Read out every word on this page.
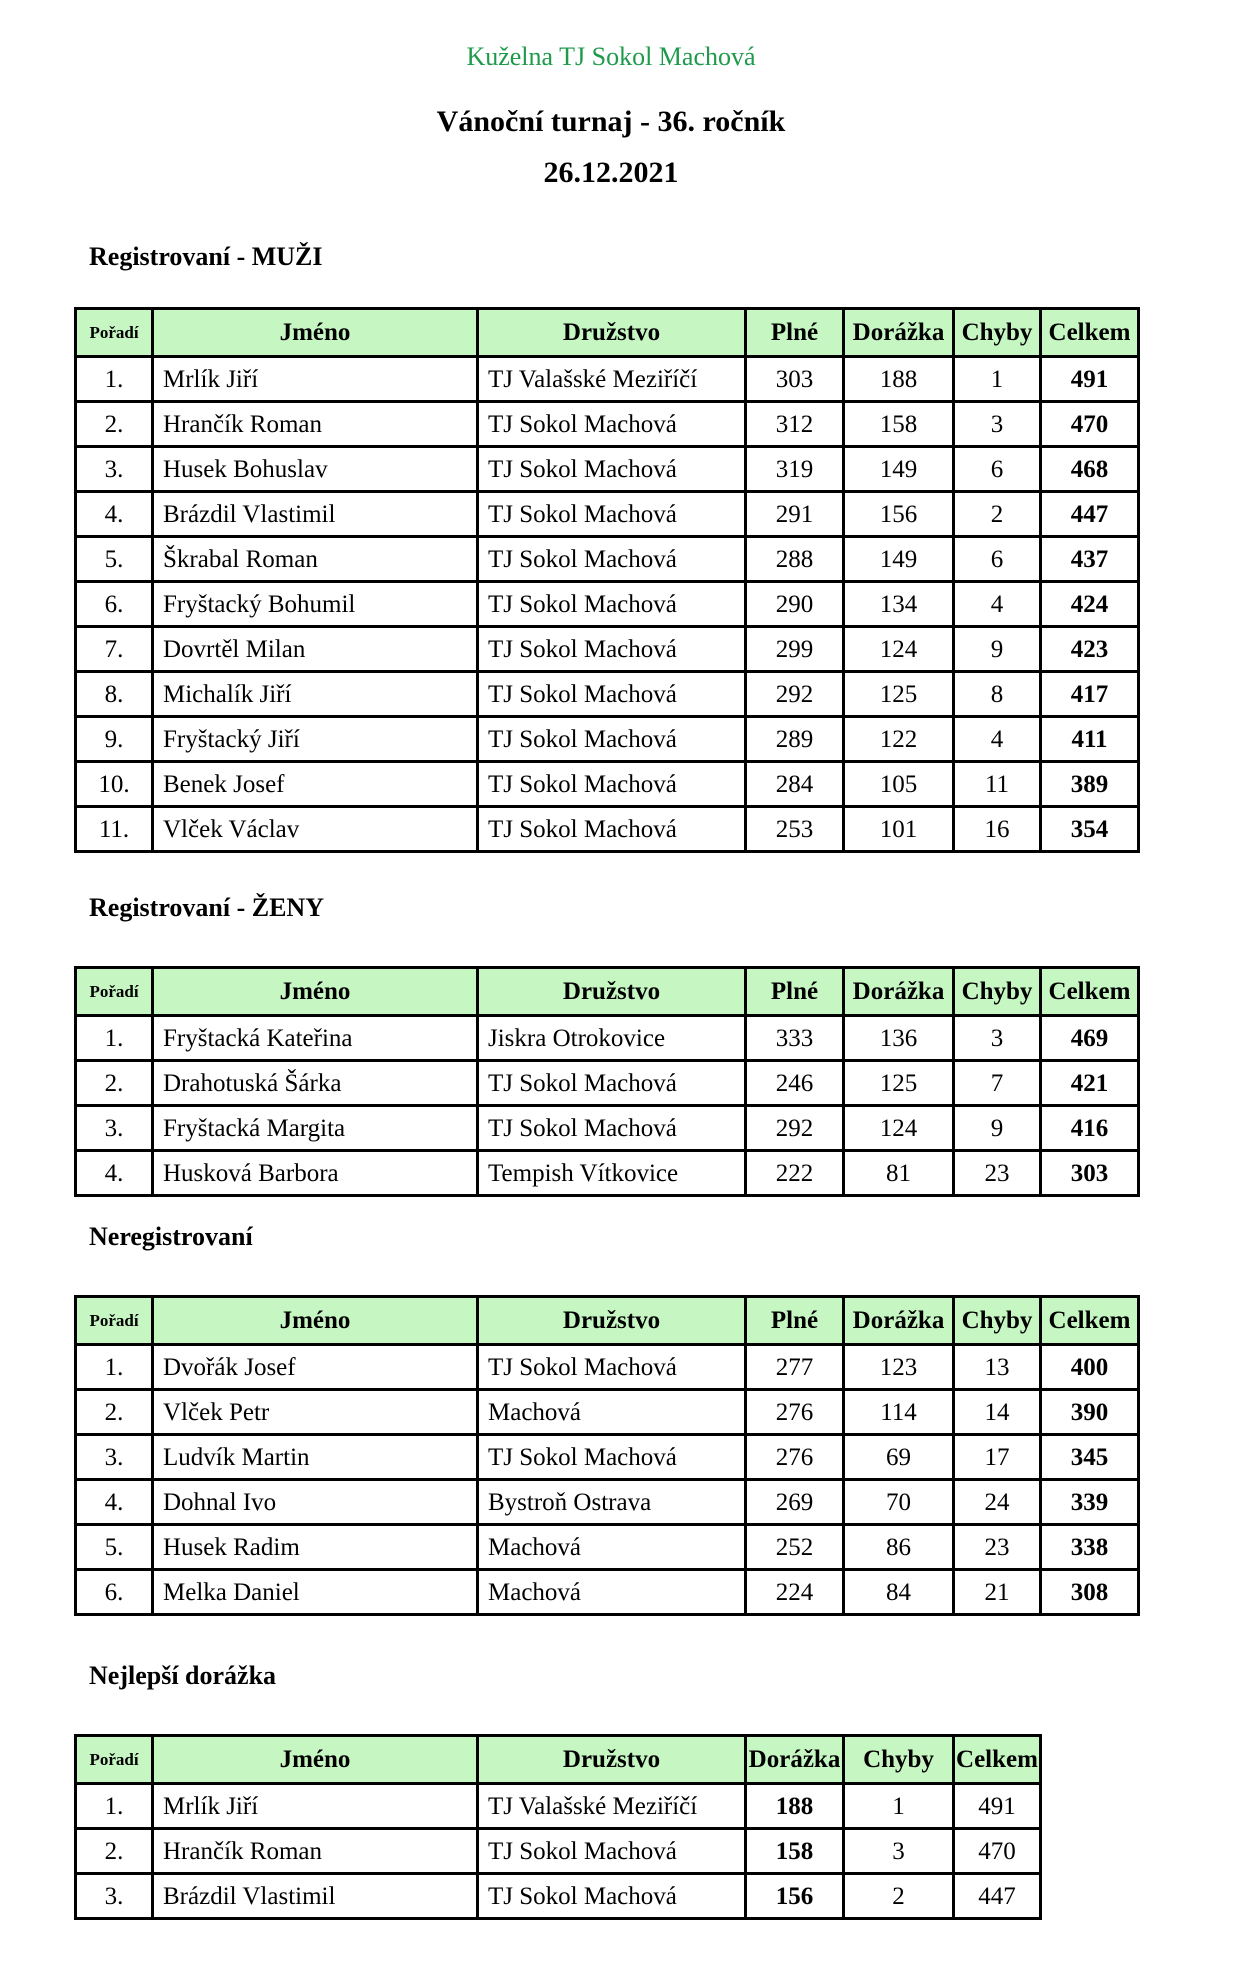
Kuželna TJ Sokol Machová
Vánoční turnaj - 36. ročník
26.12.2021
Registrovaní - MUŽI
Pořadí	Jméno	Družstvo	Plné	Dorážka	Chyby	Celkem
1.	Mrlík Jiří	TJ Valašské Meziříčí	303	188	1	491
2.	Hrančík Roman	TJ Sokol Machová	312	158	3	470
3.	Husek Bohuslav	TJ Sokol Machová	319	149	6	468
4.	Brázdil Vlastimil	TJ Sokol Machová	291	156	2	447
5.	Škrabal Roman	TJ Sokol Machová	288	149	6	437
6.	Fryštacký Bohumil	TJ Sokol Machová	290	134	4	424
7.	Dovrtěl Milan	TJ Sokol Machová	299	124	9	423
8.	Michalík Jiří	TJ Sokol Machová	292	125	8	417
9.	Fryštacký Jiří	TJ Sokol Machová	289	122	4	411
10.	Benek Josef	TJ Sokol Machová	284	105	11	389
11.	Vlček Václav	TJ Sokol Machová	253	101	16	354
Registrovaní - ŽENY
Pořadí	Jméno	Družstvo	Plné	Dorážka	Chyby	Celkem
1.	Fryštacká Kateřina	Jiskra Otrokovice	333	136	3	469
2.	Drahotuská Šárka	TJ Sokol Machová	246	125	7	421
3.	Fryštacká Margita	TJ Sokol Machová	292	124	9	416
4.	Husková Barbora	Tempish Vítkovice	222	81	23	303
Neregistrovaní
Pořadí	Jméno	Družstvo	Plné	Dorážka	Chyby	Celkem
1.	Dvořák Josef	TJ Sokol Machová	277	123	13	400
2.	Vlček Petr	Machová	276	114	14	390
3.	Ludvík Martin	TJ Sokol Machová	276	69	17	345
4.	Dohnal Ivo	Bystroň Ostrava	269	70	24	339
5.	Husek Radim	Machová	252	86	23	338
6.	Melka Daniel	Machová	224	84	21	308
Nejlepší dorážka
Pořadí	Jméno	Družstvo	Dorážka	Chyby	Celkem
1.	Mrlík Jiří	TJ Valašské Meziříčí	188	1	491
2.	Hrančík Roman	TJ Sokol Machová	158	3	470
3.	Brázdil Vlastimil	TJ Sokol Machová	156	2	447
